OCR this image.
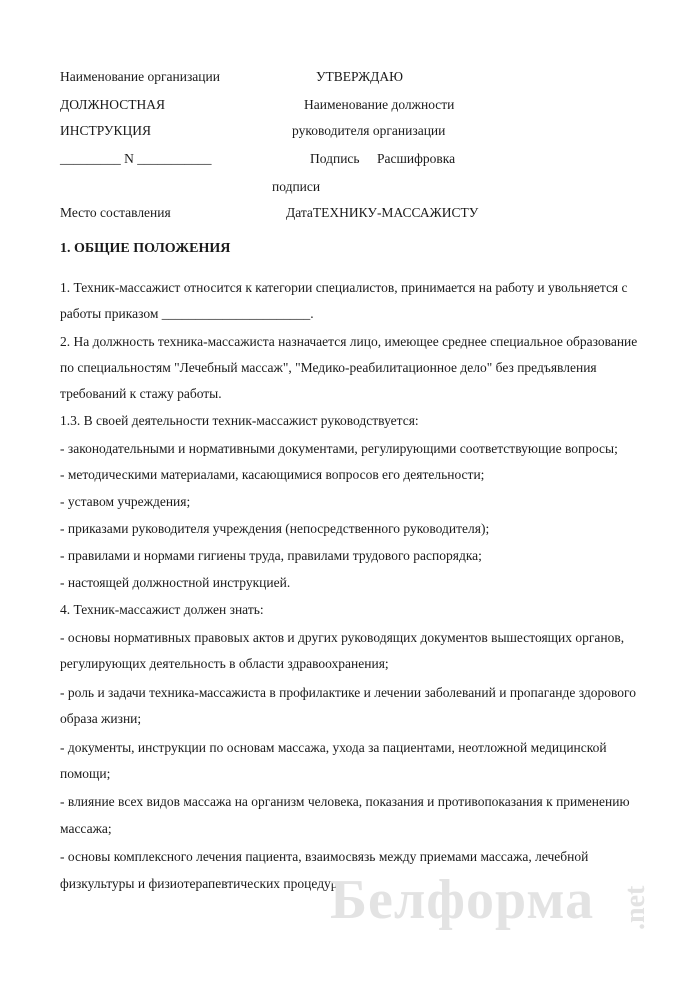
Наименование организации	УТВЕРЖДАЮ
ДОЛЖНОСТНАЯ	Наименование должности
ИНСТРУКЦИЯ	руководителя организации
_________ N ___________	Подпись Расшифровка
подписи
Место составления	ДатаТЕХНИКУ-МАССАЖИСТУ
1. ОБЩИЕ ПОЛОЖЕНИЯ
1. Техник-массажист относится к категории специалистов, принимается на работу и увольняется с
работы приказом ______________________.
2. На должность техника-массажиста назначается лицо, имеющее среднее специальное образование
по специальностям "Лечебный массаж", "Медико-реабилитационное дело" без предъявления
требований к стажу работы.
1.3. В своей деятельности техник-массажист руководствуется:
- законодательными и нормативными документами, регулирующими соответствующие вопросы;
- методическими материалами, касающимися вопросов его деятельности;
- уставом учреждения;
- приказами руководителя учреждения (непосредственного руководителя);
- правилами и нормами гигиены труда, правилами трудового распорядка;
- настоящей должностной инструкцией.
4. Техник-массажист должен знать:
- основы нормативных правовых актов и других руководящих документов вышестоящих органов,
регулирующих деятельность в области здравоохранения;
- роль и задачи техника-массажиста в профилактике и лечении заболеваний и пропаганде здорового
образа жизни;
- документы, инструкции по основам массажа, ухода за пациентами, неотложной медицинской
помощи;
- влияние всех видов массажа на организм человека, показания и противопоказания к применению
массажа;
- основы комплексного лечения пациента, взаимосвязь между приемами массажа, лечебной
физкультуры и физиотерапевтических процедур;
Белформа .net
